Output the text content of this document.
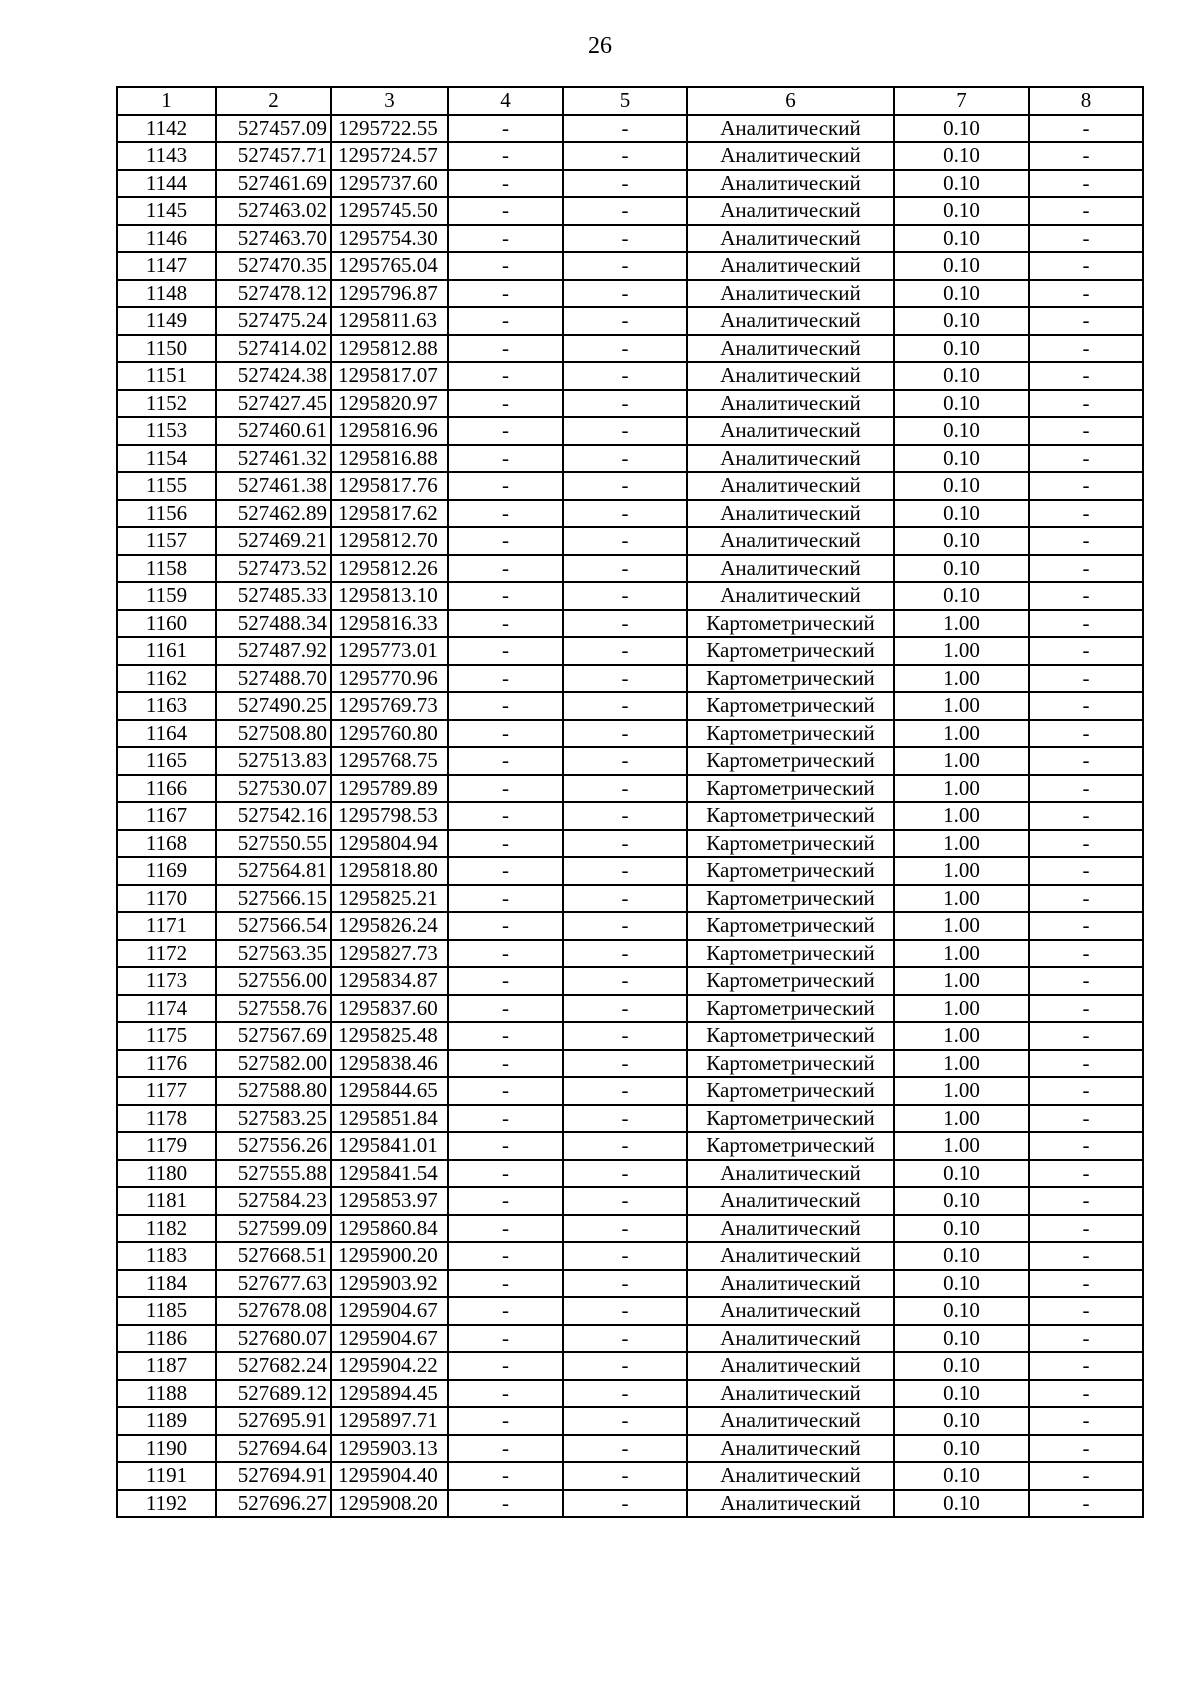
26
1	2	3	4	5	6	7	8
1142	527457.09	1295722.55	-	-	Аналитический	0.10	-
1143	527457.71	1295724.57	-	-	Аналитический	0.10	-
1144	527461.69	1295737.60	-	-	Аналитический	0.10	-
1145	527463.02	1295745.50	-	-	Аналитический	0.10	-
1146	527463.70	1295754.30	-	-	Аналитический	0.10	-
1147	527470.35	1295765.04	-	-	Аналитический	0.10	-
1148	527478.12	1295796.87	-	-	Аналитический	0.10	-
1149	527475.24	1295811.63	-	-	Аналитический	0.10	-
1150	527414.02	1295812.88	-	-	Аналитический	0.10	-
1151	527424.38	1295817.07	-	-	Аналитический	0.10	-
1152	527427.45	1295820.97	-	-	Аналитический	0.10	-
1153	527460.61	1295816.96	-	-	Аналитический	0.10	-
1154	527461.32	1295816.88	-	-	Аналитический	0.10	-
1155	527461.38	1295817.76	-	-	Аналитический	0.10	-
1156	527462.89	1295817.62	-	-	Аналитический	0.10	-
1157	527469.21	1295812.70	-	-	Аналитический	0.10	-
1158	527473.52	1295812.26	-	-	Аналитический	0.10	-
1159	527485.33	1295813.10	-	-	Аналитический	0.10	-
1160	527488.34	1295816.33	-	-	Картометрический	1.00	-
1161	527487.92	1295773.01	-	-	Картометрический	1.00	-
1162	527488.70	1295770.96	-	-	Картометрический	1.00	-
1163	527490.25	1295769.73	-	-	Картометрический	1.00	-
1164	527508.80	1295760.80	-	-	Картометрический	1.00	-
1165	527513.83	1295768.75	-	-	Картометрический	1.00	-
1166	527530.07	1295789.89	-	-	Картометрический	1.00	-
1167	527542.16	1295798.53	-	-	Картометрический	1.00	-
1168	527550.55	1295804.94	-	-	Картометрический	1.00	-
1169	527564.81	1295818.80	-	-	Картометрический	1.00	-
1170	527566.15	1295825.21	-	-	Картометрический	1.00	-
1171	527566.54	1295826.24	-	-	Картометрический	1.00	-
1172	527563.35	1295827.73	-	-	Картометрический	1.00	-
1173	527556.00	1295834.87	-	-	Картометрический	1.00	-
1174	527558.76	1295837.60	-	-	Картометрический	1.00	-
1175	527567.69	1295825.48	-	-	Картометрический	1.00	-
1176	527582.00	1295838.46	-	-	Картометрический	1.00	-
1177	527588.80	1295844.65	-	-	Картометрический	1.00	-
1178	527583.25	1295851.84	-	-	Картометрический	1.00	-
1179	527556.26	1295841.01	-	-	Картометрический	1.00	-
1180	527555.88	1295841.54	-	-	Аналитический	0.10	-
1181	527584.23	1295853.97	-	-	Аналитический	0.10	-
1182	527599.09	1295860.84	-	-	Аналитический	0.10	-
1183	527668.51	1295900.20	-	-	Аналитический	0.10	-
1184	527677.63	1295903.92	-	-	Аналитический	0.10	-
1185	527678.08	1295904.67	-	-	Аналитический	0.10	-
1186	527680.07	1295904.67	-	-	Аналитический	0.10	-
1187	527682.24	1295904.22	-	-	Аналитический	0.10	-
1188	527689.12	1295894.45	-	-	Аналитический	0.10	-
1189	527695.91	1295897.71	-	-	Аналитический	0.10	-
1190	527694.64	1295903.13	-	-	Аналитический	0.10	-
1191	527694.91	1295904.40	-	-	Аналитический	0.10	-
1192	527696.27	1295908.20	-	-	Аналитический	0.10	-
